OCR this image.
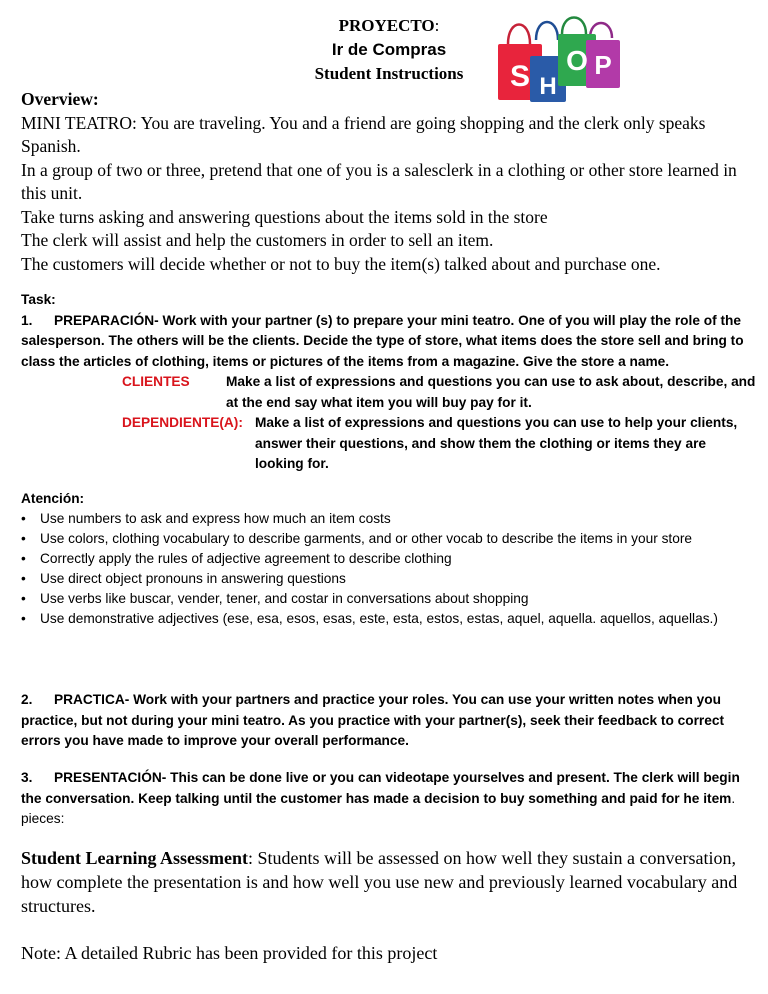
PROYECTO:
Ir de Compras
Student Instructions	S H
O P

Overview:

MINI TEATRO: You are traveling. You and a friend are going shopping and the clerk only speaks Spanish.

In a group of two or three, pretend that one of you is a salesclerk in a clothing or other store learned in this unit.

Take turns asking and answering questions about the items sold in the store

The clerk will assist and help the customers in order to sell an item.

The customers will decide whether or not to buy the item(s) talked about and purchase one.

Task:

1. PREPARACIÓN- Work with your partner (s) to prepare your mini teatro. One of you will play the role of the salesperson. The others will be the clients. Decide the type of store, what items does the store sell and bring to class the articles of clothing, items or pictures of the items from a magazine. Give the store a name.

CLIENTES	Make a list of expressions and questions you can use to ask about, describe, and at the end say what item you will buy pay for it.
DEPENDIENTE(A): Make a list of expressions and questions you can use to help your clients, answer their questions, and show them the clothing or items they are looking for.
Atención:
• Use numbers to ask and express how much an item costs
• Use colors, clothing vocabulary to describe garments, and or other vocab to describe the items in your store
• Correctly apply the rules of adjective agreement to describe clothing
• Use direct object pronouns in answering questions
• Use verbs like buscar, vender, tener, and costar in conversations about shopping
• Use demonstrative adjectives (ese, esa, esos, esas, este, esta, estos, estas, aquel, aquella. aquellos, aquellas.)
2. PRACTICA- Work with your partners and practice your roles. You can use your written notes when you practice, but not during your mini teatro. As you practice with your partner(s), seek their feedback to correct errors you have made to improve your overall performance.
3. PRESENTACIÓN- This can be done live or you can videotape yourselves and present. The clerk will begin the conversation. Keep talking until the customer has made a decision to buy something and paid for he item. pieces:
Student Learning Assessment: Students will be assessed on how well they sustain a conversation, how complete the presentation is and how well you use new and previously learned vocabulary and structures.
Note: A detailed Rubric has been provided for this project
